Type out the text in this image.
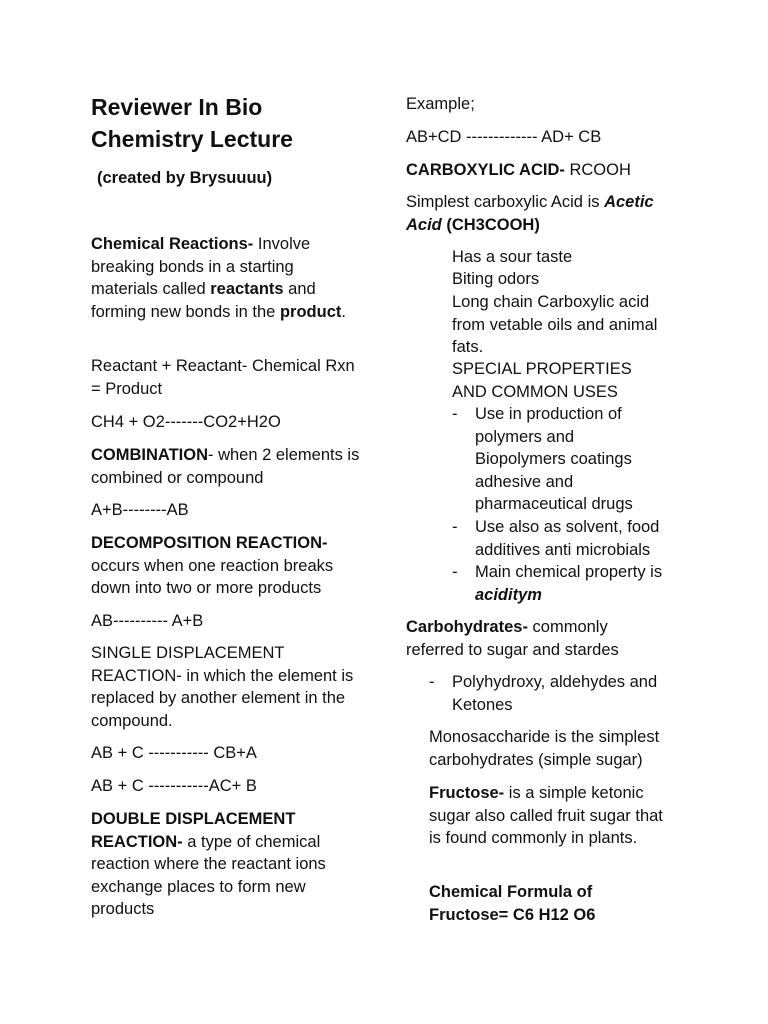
Reviewer In Bio Chemistry Lecture

(created by Brysuuuu)

Chemical Reactions- Involve breaking bonds in a starting materials called reactants and forming new bonds in the product.

Reactant + Reactant- Chemical Rxn = Product

CH4 + O2-------CO2+H2O

COMBINATION- when 2 elements is combined or compound

A+B--------AB

DECOMPOSITION REACTION- occurs when one reaction breaks down into two or more products

AB---------- A+B

SINGLE DISPLACEMENT REACTION- in which the element is replaced by another element in the compound.

AB + C ----------- CB+A

AB + C -----------AC+ B

DOUBLE DISPLACEMENT REACTION- a type of chemical reaction where the reactant ions exchange places to form new products

Example;

AB+CD ------------- AD+ CB

CARBOXYLIC ACID- RCOOH

Simplest carboxylic Acid is Acetic Acid (CH3COOH)

Has a sour taste

Biting odors

Long chain Carboxylic acid from vetable oils and animal fats.

SPECIAL PROPERTIES AND COMMON USES

- Use in production of polymers and Biopolymers coatings adhesive and pharmaceutical drugs
- Use also as solvent, food additives anti microbials
- Main chemical property is aciditym

Carbohydrates- commonly referred to sugar and stardes

- Polyhydroxy, aldehydes and Ketones

Monosaccharide is the simplest carbohydrates (simple sugar)

Fructose- is a simple ketonic sugar also called fruit sugar that is found commonly in plants.

Chemical Formula of Fructose= C6 H12 O6
